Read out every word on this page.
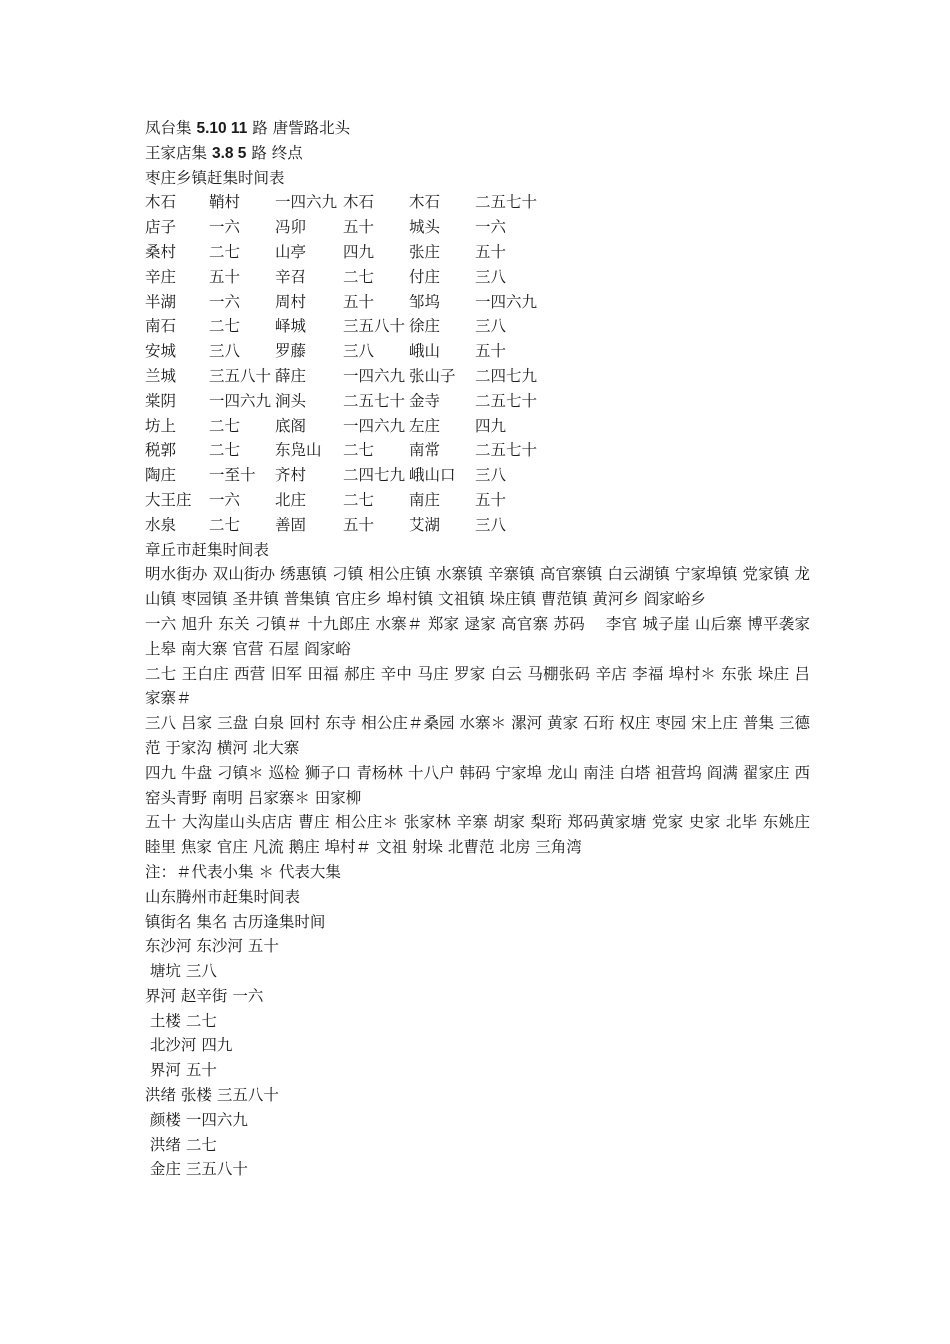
凤台集 5.10 11 路 唐訾路北头
王家店集 3.8 5 路 终点
枣庄乡镇赶集时间表
木石 鞘村 一四六九 木石 木石 二五七十
店子 一六 冯卯 五十 城头 一六
桑村 二七 山亭 四九 张庄 五十
辛庄 五十 辛召 二七 付庄 三八
半湖 一六 周村 五十 邹坞 一四六九
南石 二七 峄城 三五八十 徐庄 三八
安城 三八 罗藤 三八 峨山 五十
兰城 三五八十 薛庄 一四六九 张山子 二四七九
棠阴 一四六九 涧头 二五七十 金寺 二五七十
坊上 二七 底阁 一四六九 左庄 四九
税郭 二七 东凫山 二七 南常 二五七十
陶庄 一至十 齐村 二四七九 峨山口 三八
大王庄 一六 北庄 二七 南庄 五十
水泉 二七 善固 五十 艾湖 三八
章丘市赶集时间表
明水街办 双山街办 绣惠镇 刁镇 相公庄镇 水寨镇 辛寨镇 高官寨镇 白云湖镇 宁家埠镇 党家镇 龙山镇 枣园镇 圣井镇 普集镇 官庄乡 埠村镇 文祖镇 垛庄镇 曹范镇 黄河乡 阎家峪乡
一六 旭升 东关 刁镇＃ 十九郎庄 水寨＃ 郑家 逯家 高官寨 苏码　 李官 城子崖 山后寨 博平袭家上皋 南大寨 官营 石屋 阎家峪
二七 王白庄 西营 旧军 田福 郝庄 辛中 马庄 罗家 白云 马棚张码 辛店 李福 埠村＊ 东张 垛庄 吕家寨＃
三八 吕家 三盘 白泉 回村 东寺 相公庄＃桑园 水寨＊ 漯河 黄家 石珩 权庄 枣园 宋上庄 普集 三德范 于家沟 横河 北大寨
四九 牛盘 刁镇＊ 巡检 狮子口 青杨林 十八户 韩码 宁家埠 龙山 南洼 白塔 祖营坞 阎满 翟家庄 西窑头青野 南明 吕家寨＊ 田家柳
五十 大沟崖山头店店 曹庄 相公庄＊ 张家林 辛寨 胡家 梨珩 郑码黄家塘 党家 史家 北毕 东姚庄 睦里 焦家 官庄 凡流 鹅庄 埠村＃ 文祖 射垛 北曹范 北房 三角湾
注：＃代表小集 ＊ 代表大集
山东腾州市赶集时间表
镇街名 集名 古历逢集时间
东沙河 东沙河 五十
塘坑 三八
界河 赵辛街 一六
土楼 二七
北沙河 四九
界河 五十
洪绪 张楼 三五八十
颜楼 一四六九
洪绪 二七
金庄 三五八十
